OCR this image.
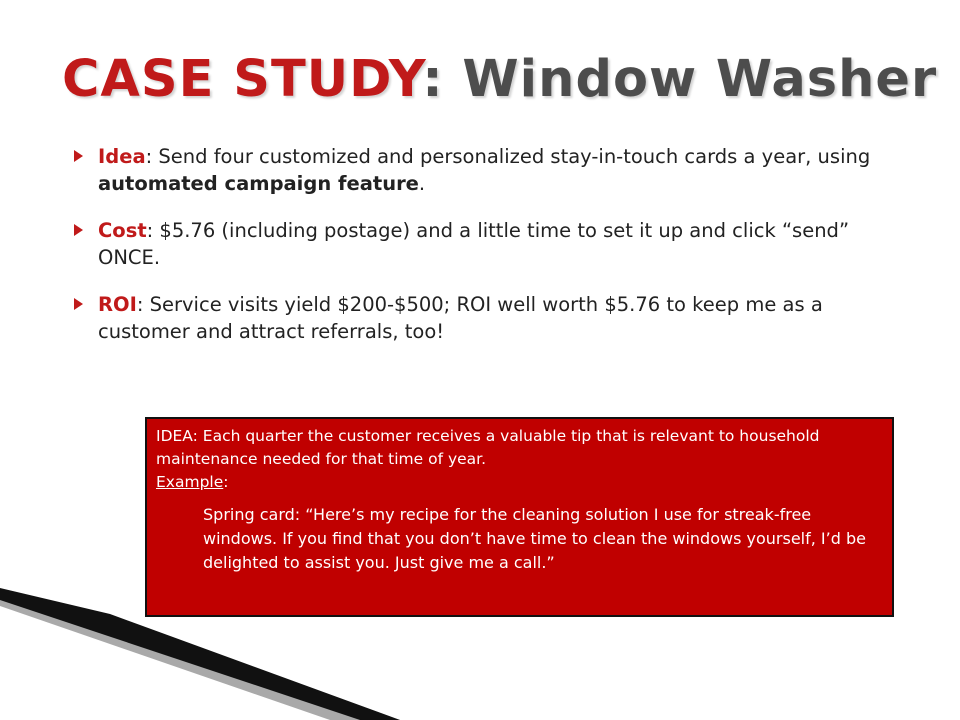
CASE STUDY: Window Washer
Idea: Send four customized and personalized stay-in-touch cards a year, using automated campaign feature.
Cost: $5.76 (including postage) and a little time to set it up and click “send” ONCE.
ROI: Service visits yield $200-$500; ROI well worth $5.76 to keep me as a customer and attract referrals, too!
IDEA: Each quarter the customer receives a valuable tip that is relevant to household maintenance needed for that time of year.
Example:
Spring card: “Here’s my recipe for the cleaning solution I use for streak-free windows. If you find that you don’t have time to clean the windows yourself, I’d be delighted to assist you. Just give me a call.”
